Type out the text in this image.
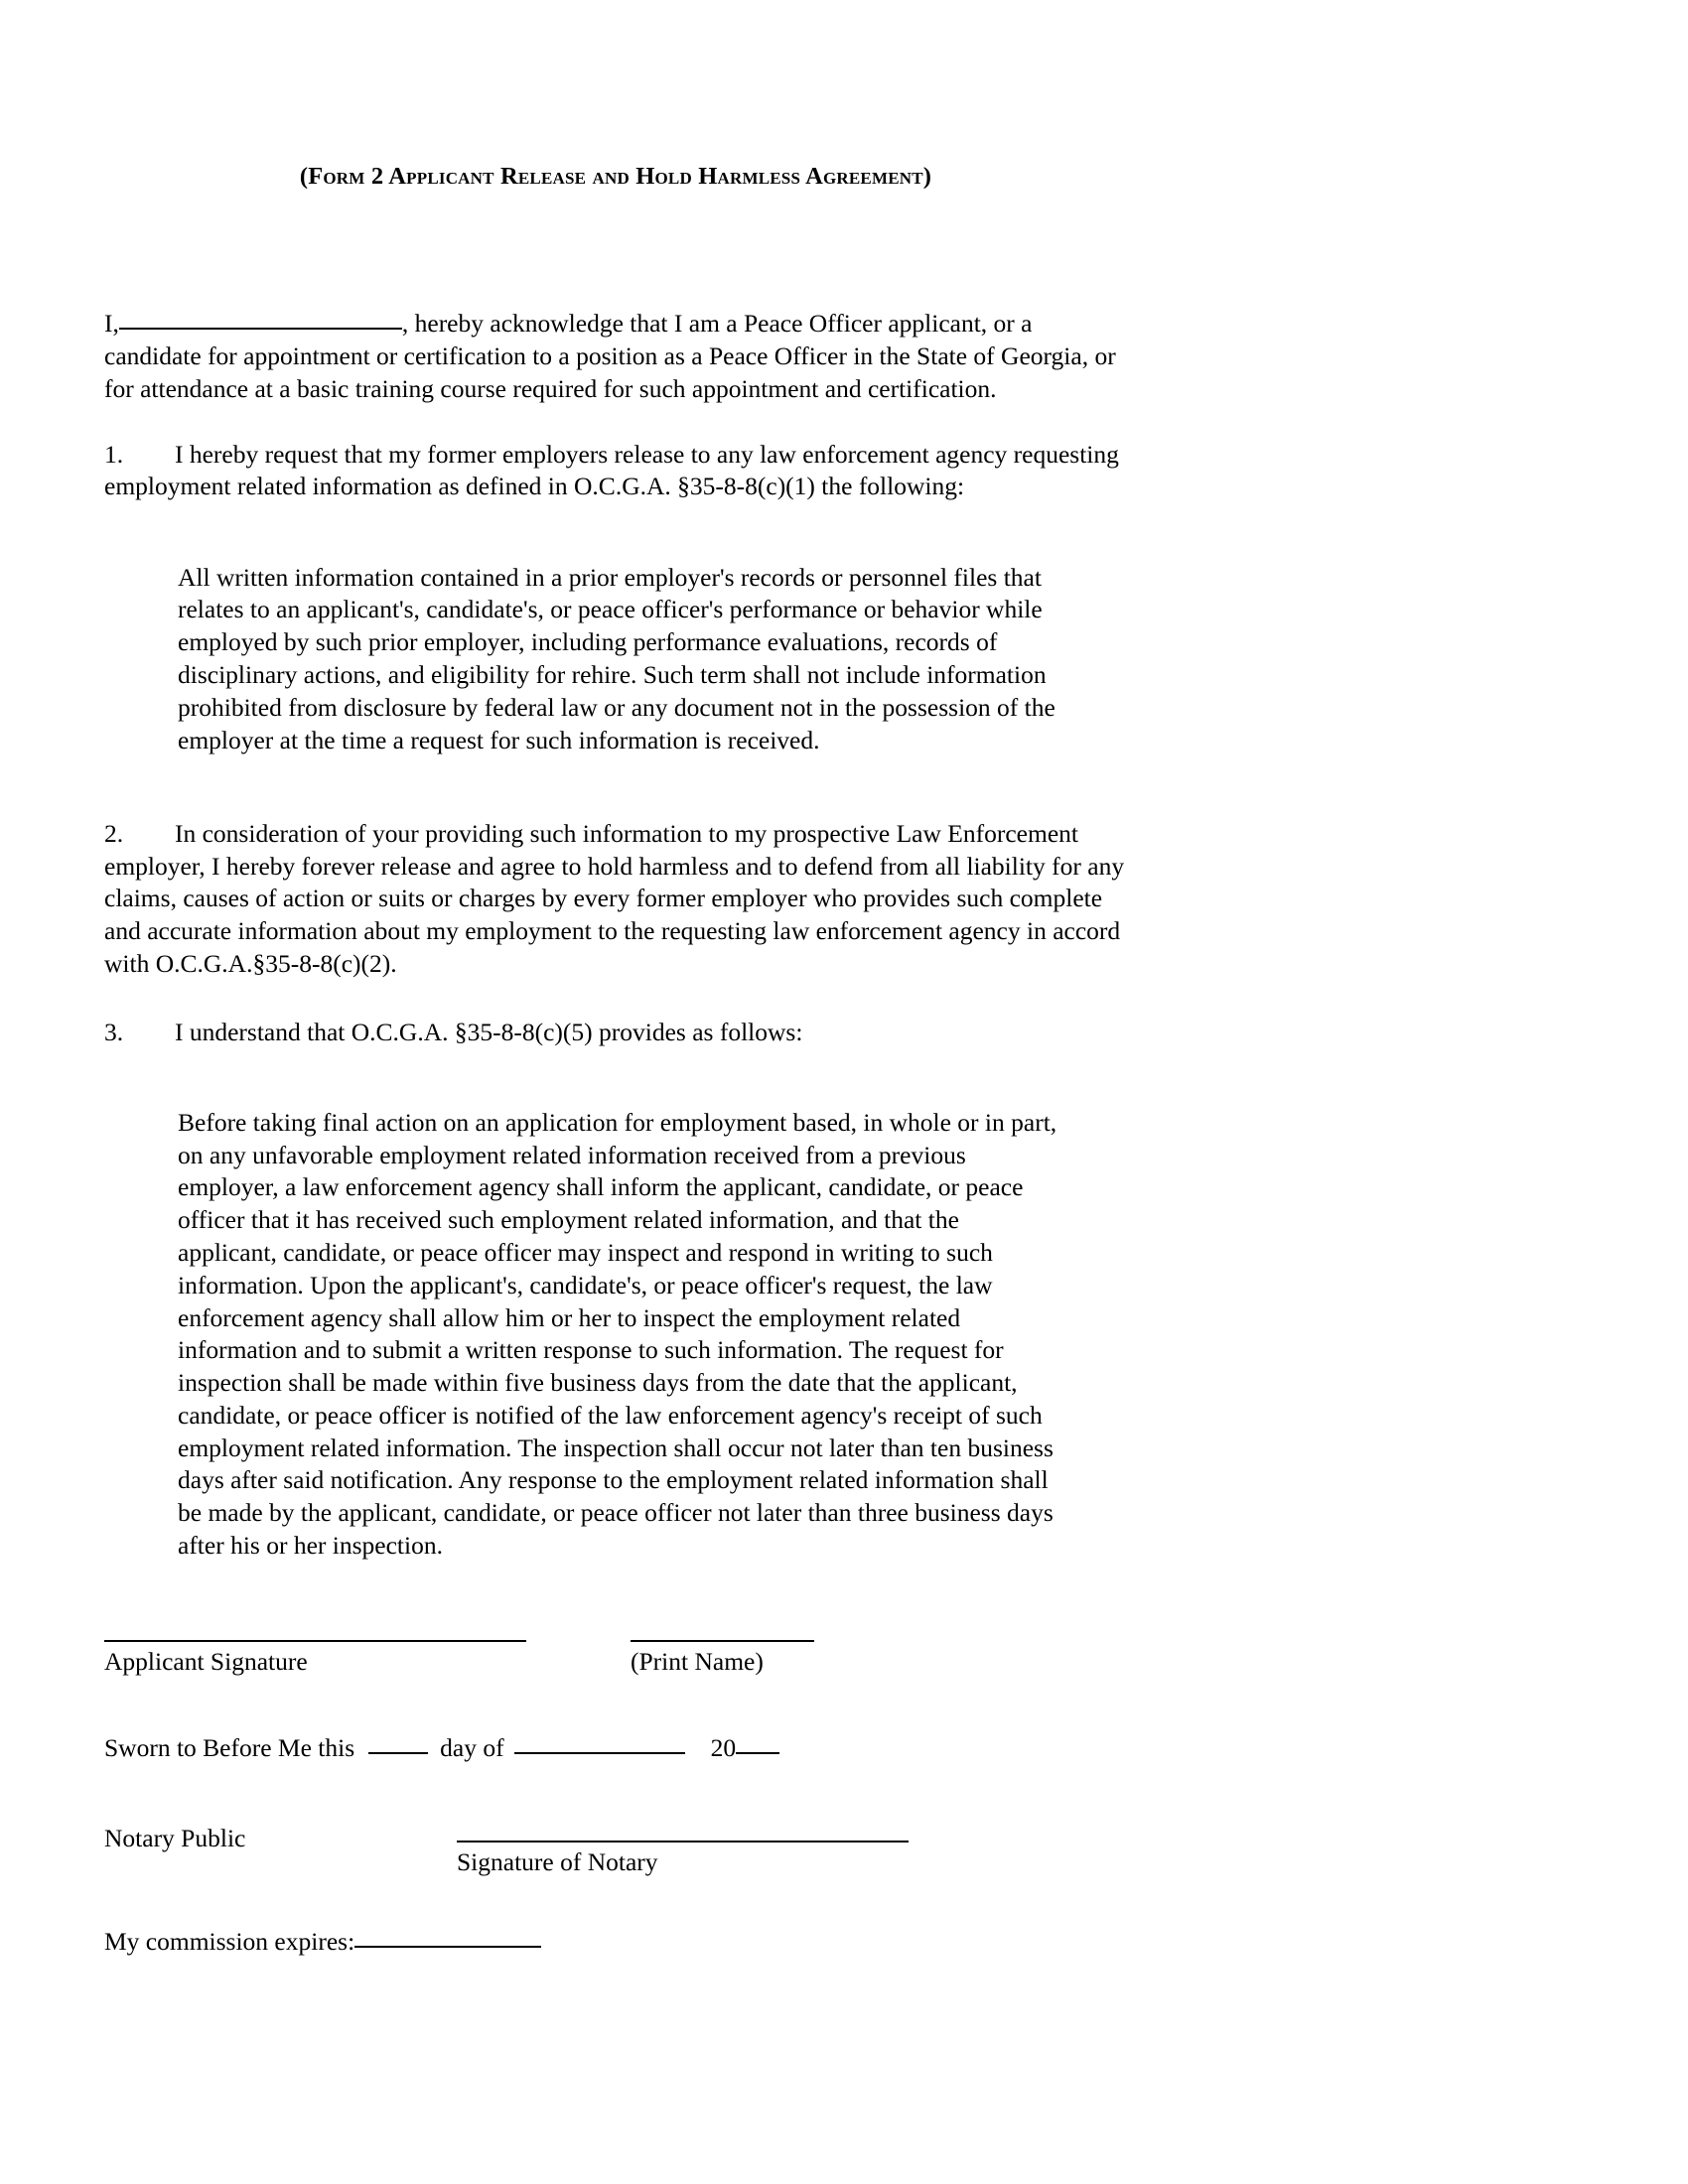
(Form 2 Applicant Release and Hold Harmless Agreement)

I,	, hereby acknowledge that I am a Peace Officer applicant, or a candidate for appointment or certification to a position as a Peace Officer in the State of Georgia, or for attendance at a basic training course required for such appointment and certification.

1. I hereby request that my former employers release to any law enforcement agency requesting employment related information as defined in O.C.G.A. §35-8-8(c)(1) the following:

All written information contained in a prior employer's records or personnel files that relates to an applicant's, candidate's, or peace officer's performance or behavior while employed by such prior employer, including performance evaluations, records of disciplinary actions, and eligibility for rehire. Such term shall not include information prohibited from disclosure by federal law or any document not in the possession of the employer at the time a request for such information is received.

2. In consideration of your providing such information to my prospective Law Enforcement employer, I hereby forever release and agree to hold harmless and to defend from all liability for any claims, causes of action or suits or charges by every former employer who provides such complete and accurate information about my employment to the requesting law enforcement agency in accord with O.C.G.A.§35-8-8(c)(2).

3. I understand that O.C.G.A. §35-8-8(c)(5) provides as follows:

Before taking final action on an application for employment based, in whole or in part, on any unfavorable employment related information received from a previous employer, a law enforcement agency shall inform the applicant, candidate, or peace officer that it has received such employment related information, and that the applicant, candidate, or peace officer may inspect and respond in writing to such information. Upon the applicant's, candidate's, or peace officer's request, the law enforcement agency shall allow him or her to inspect the employment related information and to submit a written response to such information. The request for inspection shall be made within five business days from the date that the applicant, candidate, or peace officer is notified of the law enforcement agency's receipt of such employment related information. The inspection shall occur not later than ten business days after said notification. Any response to the employment related information shall be made by the applicant, candidate, or peace officer not later than three business days after his or her inspection.

Applicant Signature	(Print Name)
Sworn to Before Me this	day of	20
Notary Public
Signature of Notary
My commission expires:
